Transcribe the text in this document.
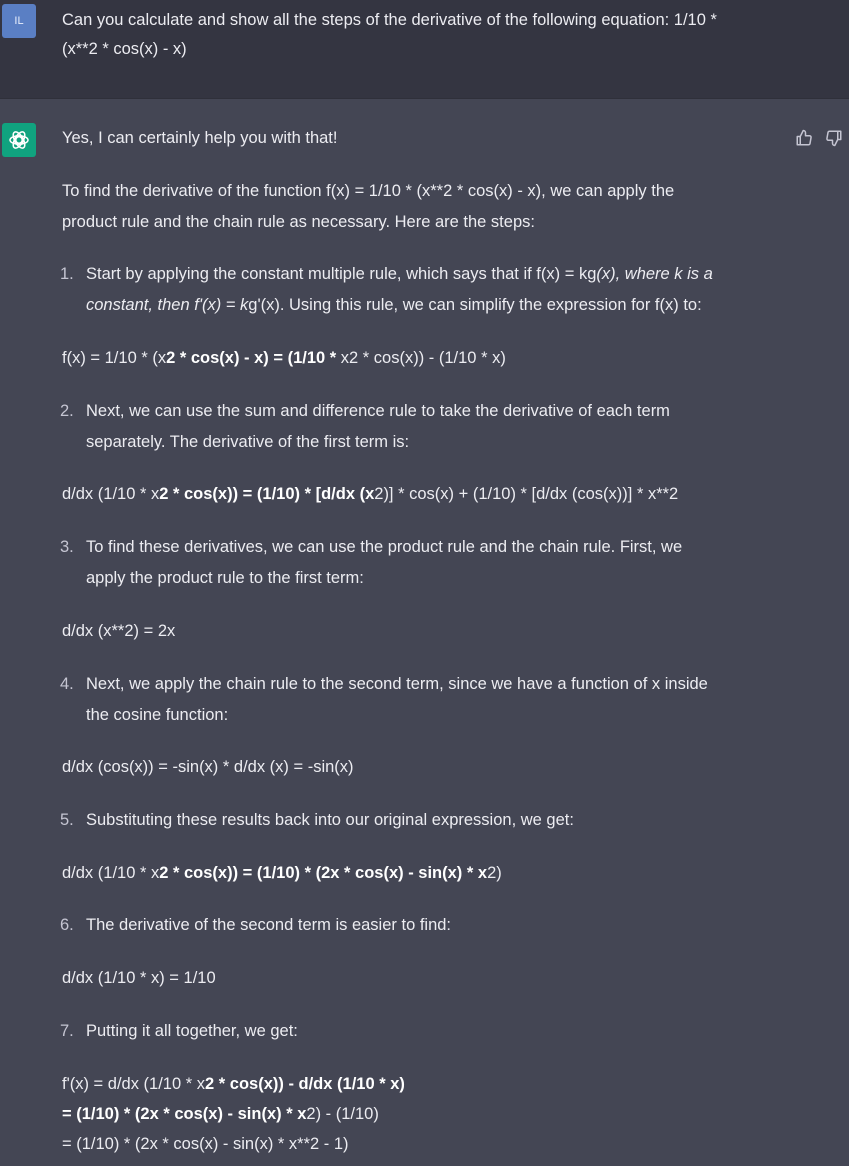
IL	Can you calculate and show all the steps of the derivative of the following equation: 1/10 *
(x**2 * cos(x) - x)
Yes, I can certainly help you with that!
To find the derivative of the function f(x) = 1/10 * (x**2 * cos(x) - x), we can apply the
product rule and the chain rule as necessary. Here are the steps:
1. Start by applying the constant multiple rule, which says that if f(x) = kg(x), where k is a
constant, then f'(x) = kg'(x). Using this rule, we can simplify the expression for f(x) to:
f(x) = 1/10 * (x2 * cos(x) - x) = (1/10 * x2 * cos(x)) - (1/10 * x)
2. Next, we can use the sum and difference rule to take the derivative of each term
separately. The derivative of the first term is:
d/dx (1/10 * x2 * cos(x)) = (1/10) * [d/dx (x2)] * cos(x) + (1/10) * [d/dx (cos(x))] * x**2
3. To find these derivatives, we can use the product rule and the chain rule. First, we
apply the product rule to the first term:
d/dx (x**2) = 2x
4. Next, we apply the chain rule to the second term, since we have a function of x inside
the cosine function:
d/dx (cos(x)) = -sin(x) * d/dx (x) = -sin(x)
5. Substituting these results back into our original expression, we get:
d/dx (1/10 * x2 * cos(x)) = (1/10) * (2x * cos(x) - sin(x) * x2)
6. The derivative of the second term is easier to find:
d/dx (1/10 * x) = 1/10
7. Putting it all together, we get:
f'(x) = d/dx (1/10 * x2 * cos(x)) - d/dx (1/10 * x)
= (1/10) * (2x * cos(x) - sin(x) * x2) - (1/10)
= (1/10) * (2x * cos(x) - sin(x) * x**2 - 1)
